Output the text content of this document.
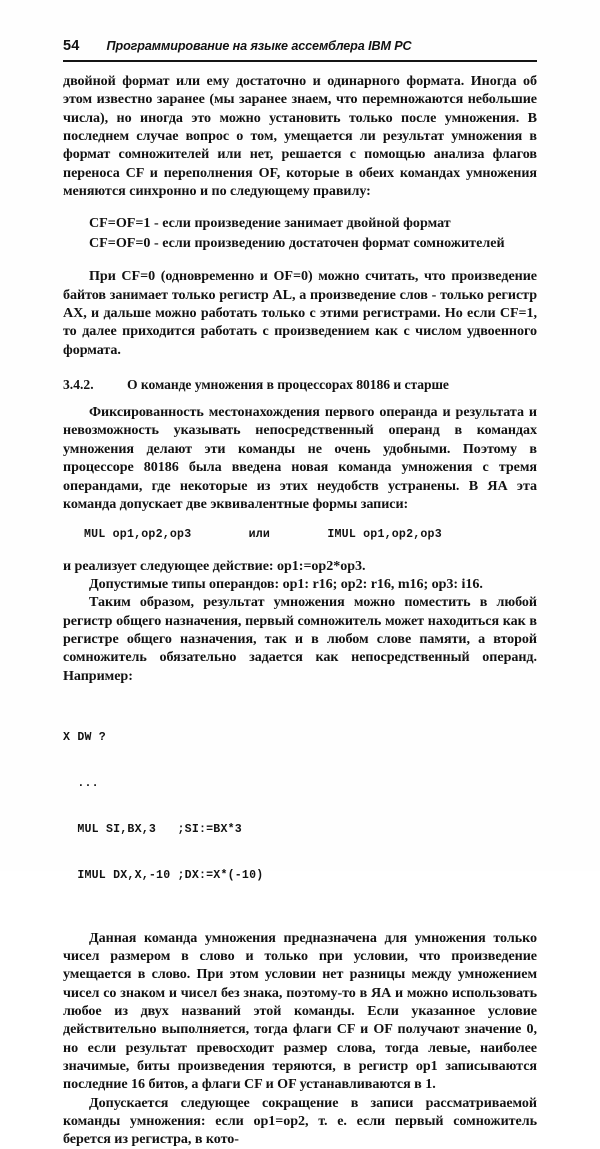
54 Программирование на языке ассемблера IBM PC

двойной формат или ему достаточно и одинарного формата. Иногда об этом известно заранее (мы заранее знаем, что перемножаются небольшие числа), но иногда это можно установить только после умножения. В последнем случае вопрос о том, умещается ли результат умножения в формат сомножителей или нет, решается с помощью анализа флагов переноса CF и переполнения OF, которые в обеих командах умножения меняются синхронно и по следующему правилу:

CF=OF=1 - если произведение занимает двойной формат
CF=OF=0 - если произведению достаточен формат сомножителей

При CF=0 (одновременно и OF=0) можно считать, что произведение байтов занимает только регистр AL, а произведение слов - только регистр AX, и дальше можно работать только с этими регистрами. Но если CF=1, то далее приходится работать с произведением как с числом удвоенного формата.

3.4.2.	О команде умножения в процессорах 80186 и старше

Фиксированность местонахождения первого операнда и результата и невозможность указывать непосредственный операнд в командах умножения делают эти команды не очень удобными. Поэтому в процессоре 80186 была введена новая команда умножения с тремя операндами, где некоторые из этих неудобств устранены. В ЯА эта команда допускает две эквивалентные формы записи:

MUL op1,op2,op3        или        IMUL op1,op2,op3

и реализует следующее действие: op1:=op2*op3.

Допустимые типы операндов: op1: r16; op2: r16, m16; op3: i16.

Таким образом, результат умножения можно поместить в любой регистр общего назначения, первый сомножитель может находиться как в регистре общего назначения, так и в любом слове памяти, а второй сомножитель обязательно задается как непосредственный операнд. Например:

X DW ?

...

MUL SI,BX,3   ;SI:=BX*3

IMUL DX,X,-10 ;DX:=X*(-10)

Данная команда умножения предназначена для умножения только чисел размером в слово и только при условии, что произведение умещается в слово. При этом условии нет разницы между умножением чисел со знаком и чисел без знака, поэтому-то в ЯА и можно использовать любое из двух названий этой команды. Если указанное условие действительно выполняется, тогда флаги CF и OF получают значение 0, но если результат превосходит размер слова, тогда левые, наиболее значимые, биты произведения теряются, в регистр op1 записываются последние 16 битов, а флаги CF и OF устанавливаются в 1.

Допускается следующее сокращение в записи рассматриваемой команды умножения: если op1=op2, т. е. если первый сомножитель берется из регистра, в кото-
